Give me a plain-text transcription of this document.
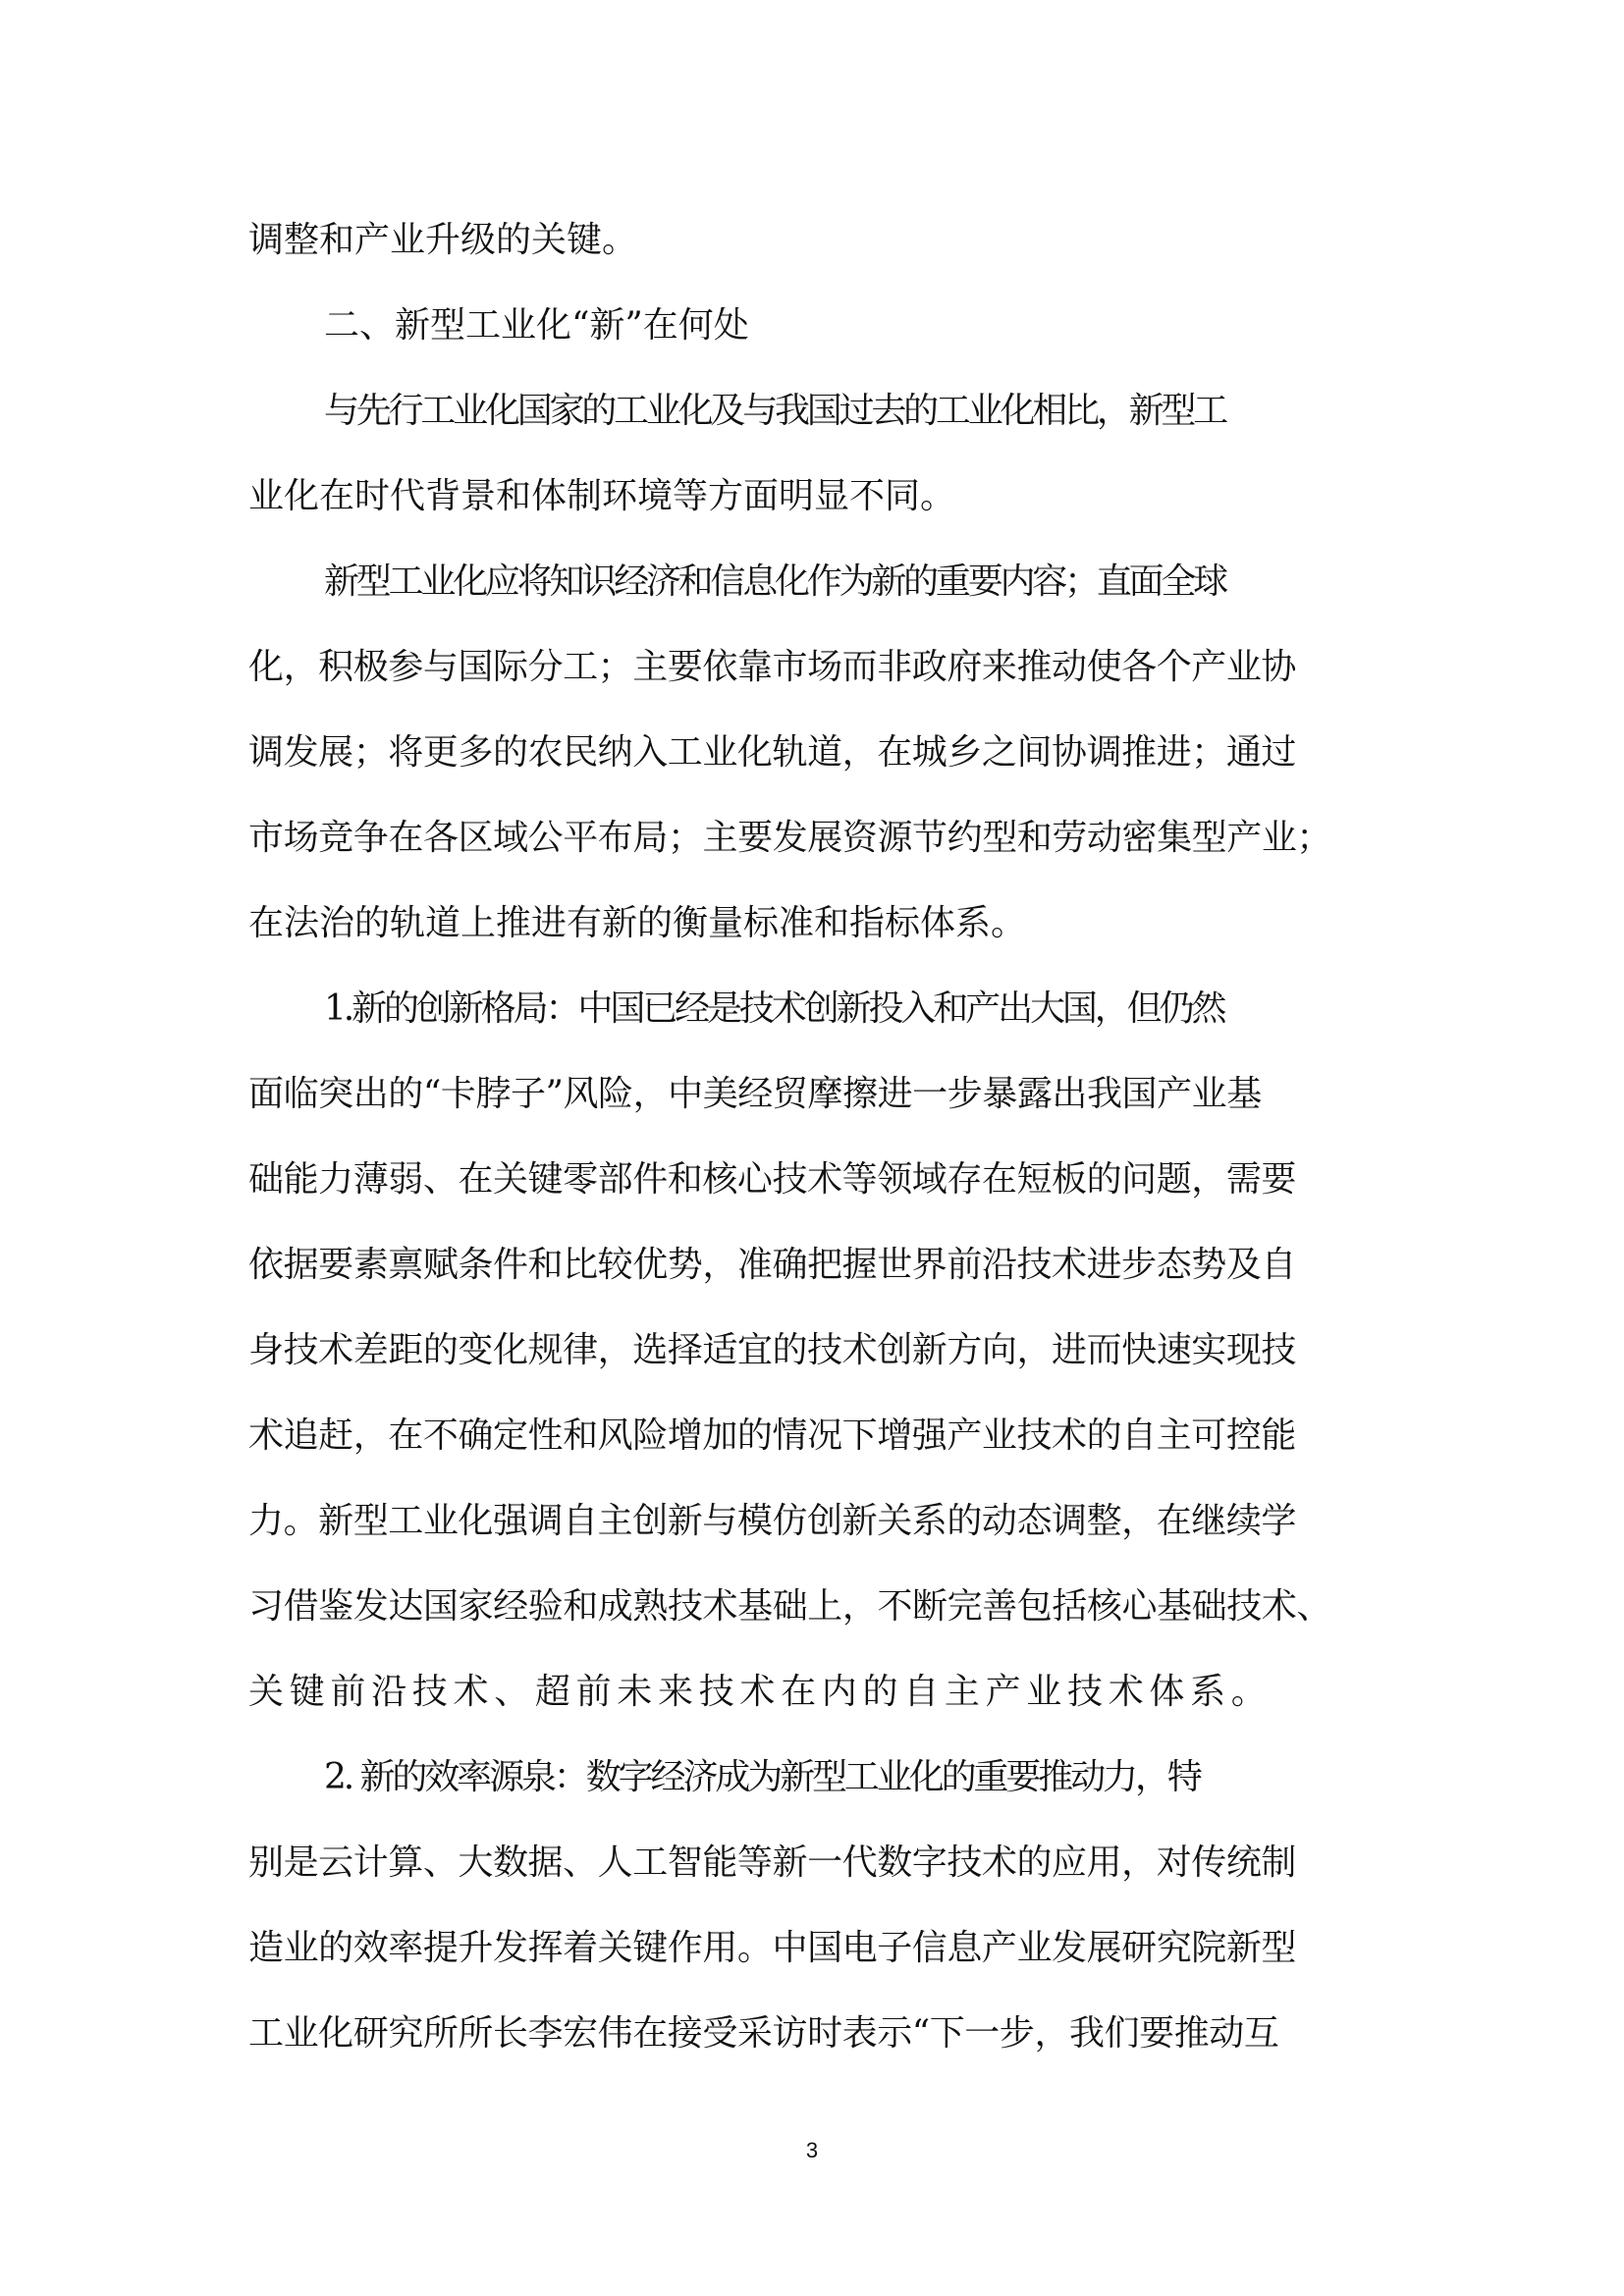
调整和产业升级的关键。
二、新型工业化“新”在何处
与先行工业化国家的工业化及与我国过去的工业化相比，新型工
业化在时代背景和体制环境等方面明显不同。
新型工业化应将知识经济和信息化作为新的重要内容；直面全球
化，积极参与国际分工；主要依靠市场而非政府来推动使各个产业协
调发展；将更多的农民纳入工业化轨道，在城乡之间协调推进；通过
市场竞争在各区域公平布局；主要发展资源节约型和劳动密集型产业；
在法治的轨道上推进有新的衡量标准和指标体系。
1.新的创新格局：中国已经是技术创新投入和产出大国，但仍然
面临突出的“卡脖子”风险，中美经贸摩擦进一步暴露出我国产业基
础能力薄弱、在关键零部件和核心技术等领域存在短板的问题，需要
依据要素禀赋条件和比较优势，准确把握世界前沿技术进步态势及自
身技术差距的变化规律，选择适宜的技术创新方向，进而快速实现技
术追赶，在不确定性和风险增加的情况下增强产业技术的自主可控能
力。新型工业化强调自主创新与模仿创新关系的动态调整，在继续学
习借鉴发达国家经验和成熟技术基础上，不断完善包括核心基础技术、
关键前沿技术、超前未来技术在内的自主产业技术体系。
2. 新的效率源泉：数字经济成为新型工业化的重要推动力，特
别是云计算、大数据、人工智能等新一代数字技术的应用，对传统制
造业的效率提升发挥着关键作用。中国电子信息产业发展研究院新型
工业化研究所所长李宏伟在接受采访时表示“下一步，我们要推动互
3
